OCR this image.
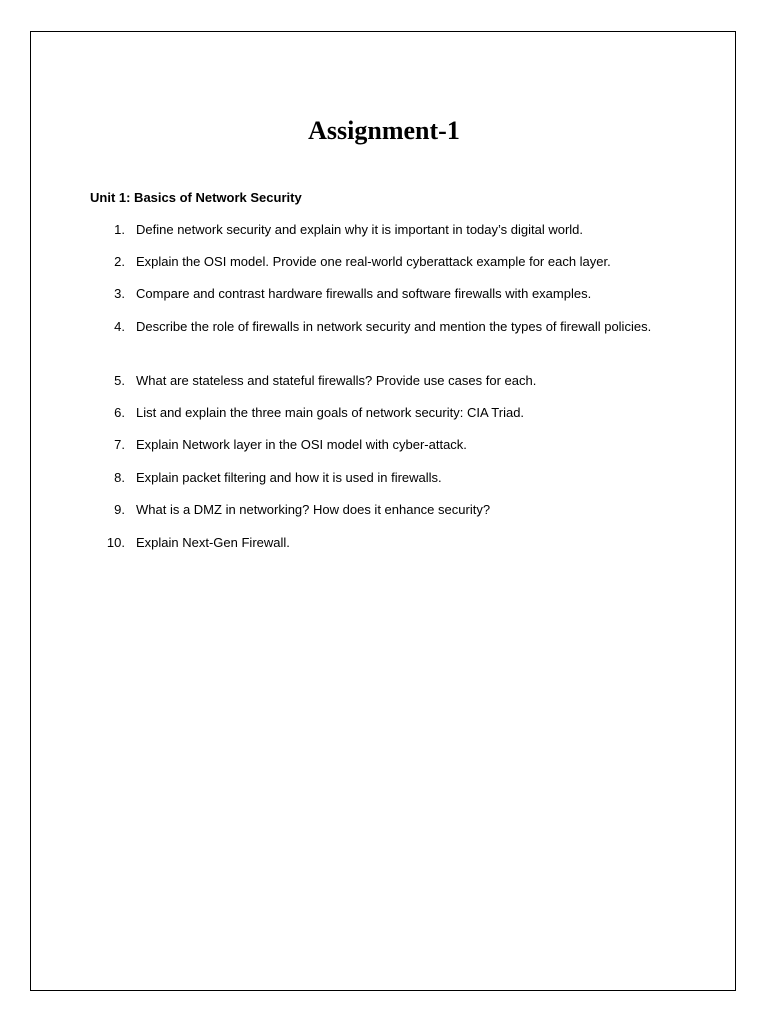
Assignment-1
Unit 1: Basics of Network Security
1. Define network security and explain why it is important in today’s digital world.
2. Explain the OSI model. Provide one real-world cyberattack example for each layer.
3. Compare and contrast hardware firewalls and software firewalls with examples.
4. Describe the role of firewalls in network security and mention the types of firewall policies.
5. What are stateless and stateful firewalls? Provide use cases for each.
6. List and explain the three main goals of network security: CIA Triad.
7. Explain Network layer in the OSI model with cyber-attack.
8. Explain packet filtering and how it is used in firewalls.
9. What is a DMZ in networking? How does it enhance security?
10. Explain Next-Gen Firewall.
